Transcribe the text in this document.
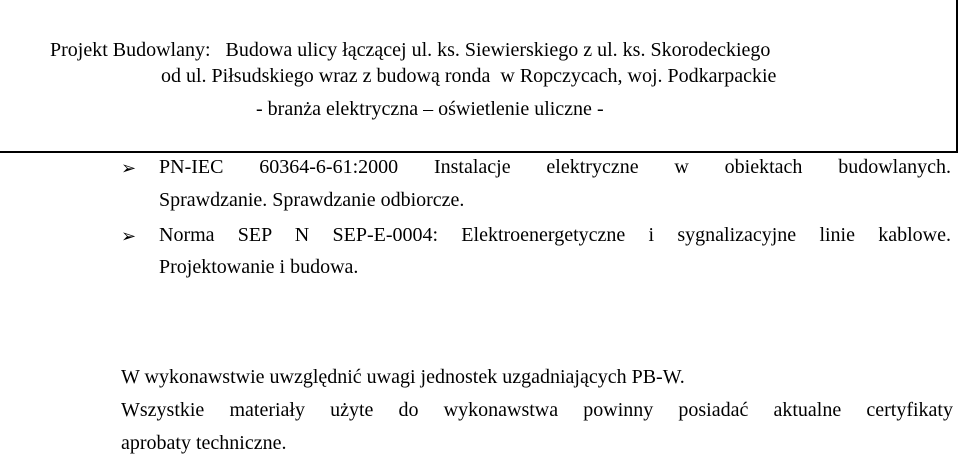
Projekt Budowlany:   Budowa ulicy łączącej ul. ks. Siewierskiego z ul. ks. Skorodeckiego
od ul. Piłsudskiego wraz z budową ronda  w Ropczycach, woj. Podkarpackie
- branża elektryczna – oświetlenie uliczne -
➢ PN-IEC 60364-6-61:2000 Instalacje elektryczne w obiektach budowlanych.
Sprawdzanie. Sprawdzanie odbiorcze.
➢ Norma SEP N SEP-E-0004: Elektroenergetyczne i sygnalizacyjne linie kablowe.
Projektowanie i budowa.
W wykonawstwie uwzględnić uwagi jednostek uzgadniających PB-W.
Wszystkie materiały użyte do wykonawstwa powinny posiadać aktualne certyfikaty
aprobaty techniczne.
